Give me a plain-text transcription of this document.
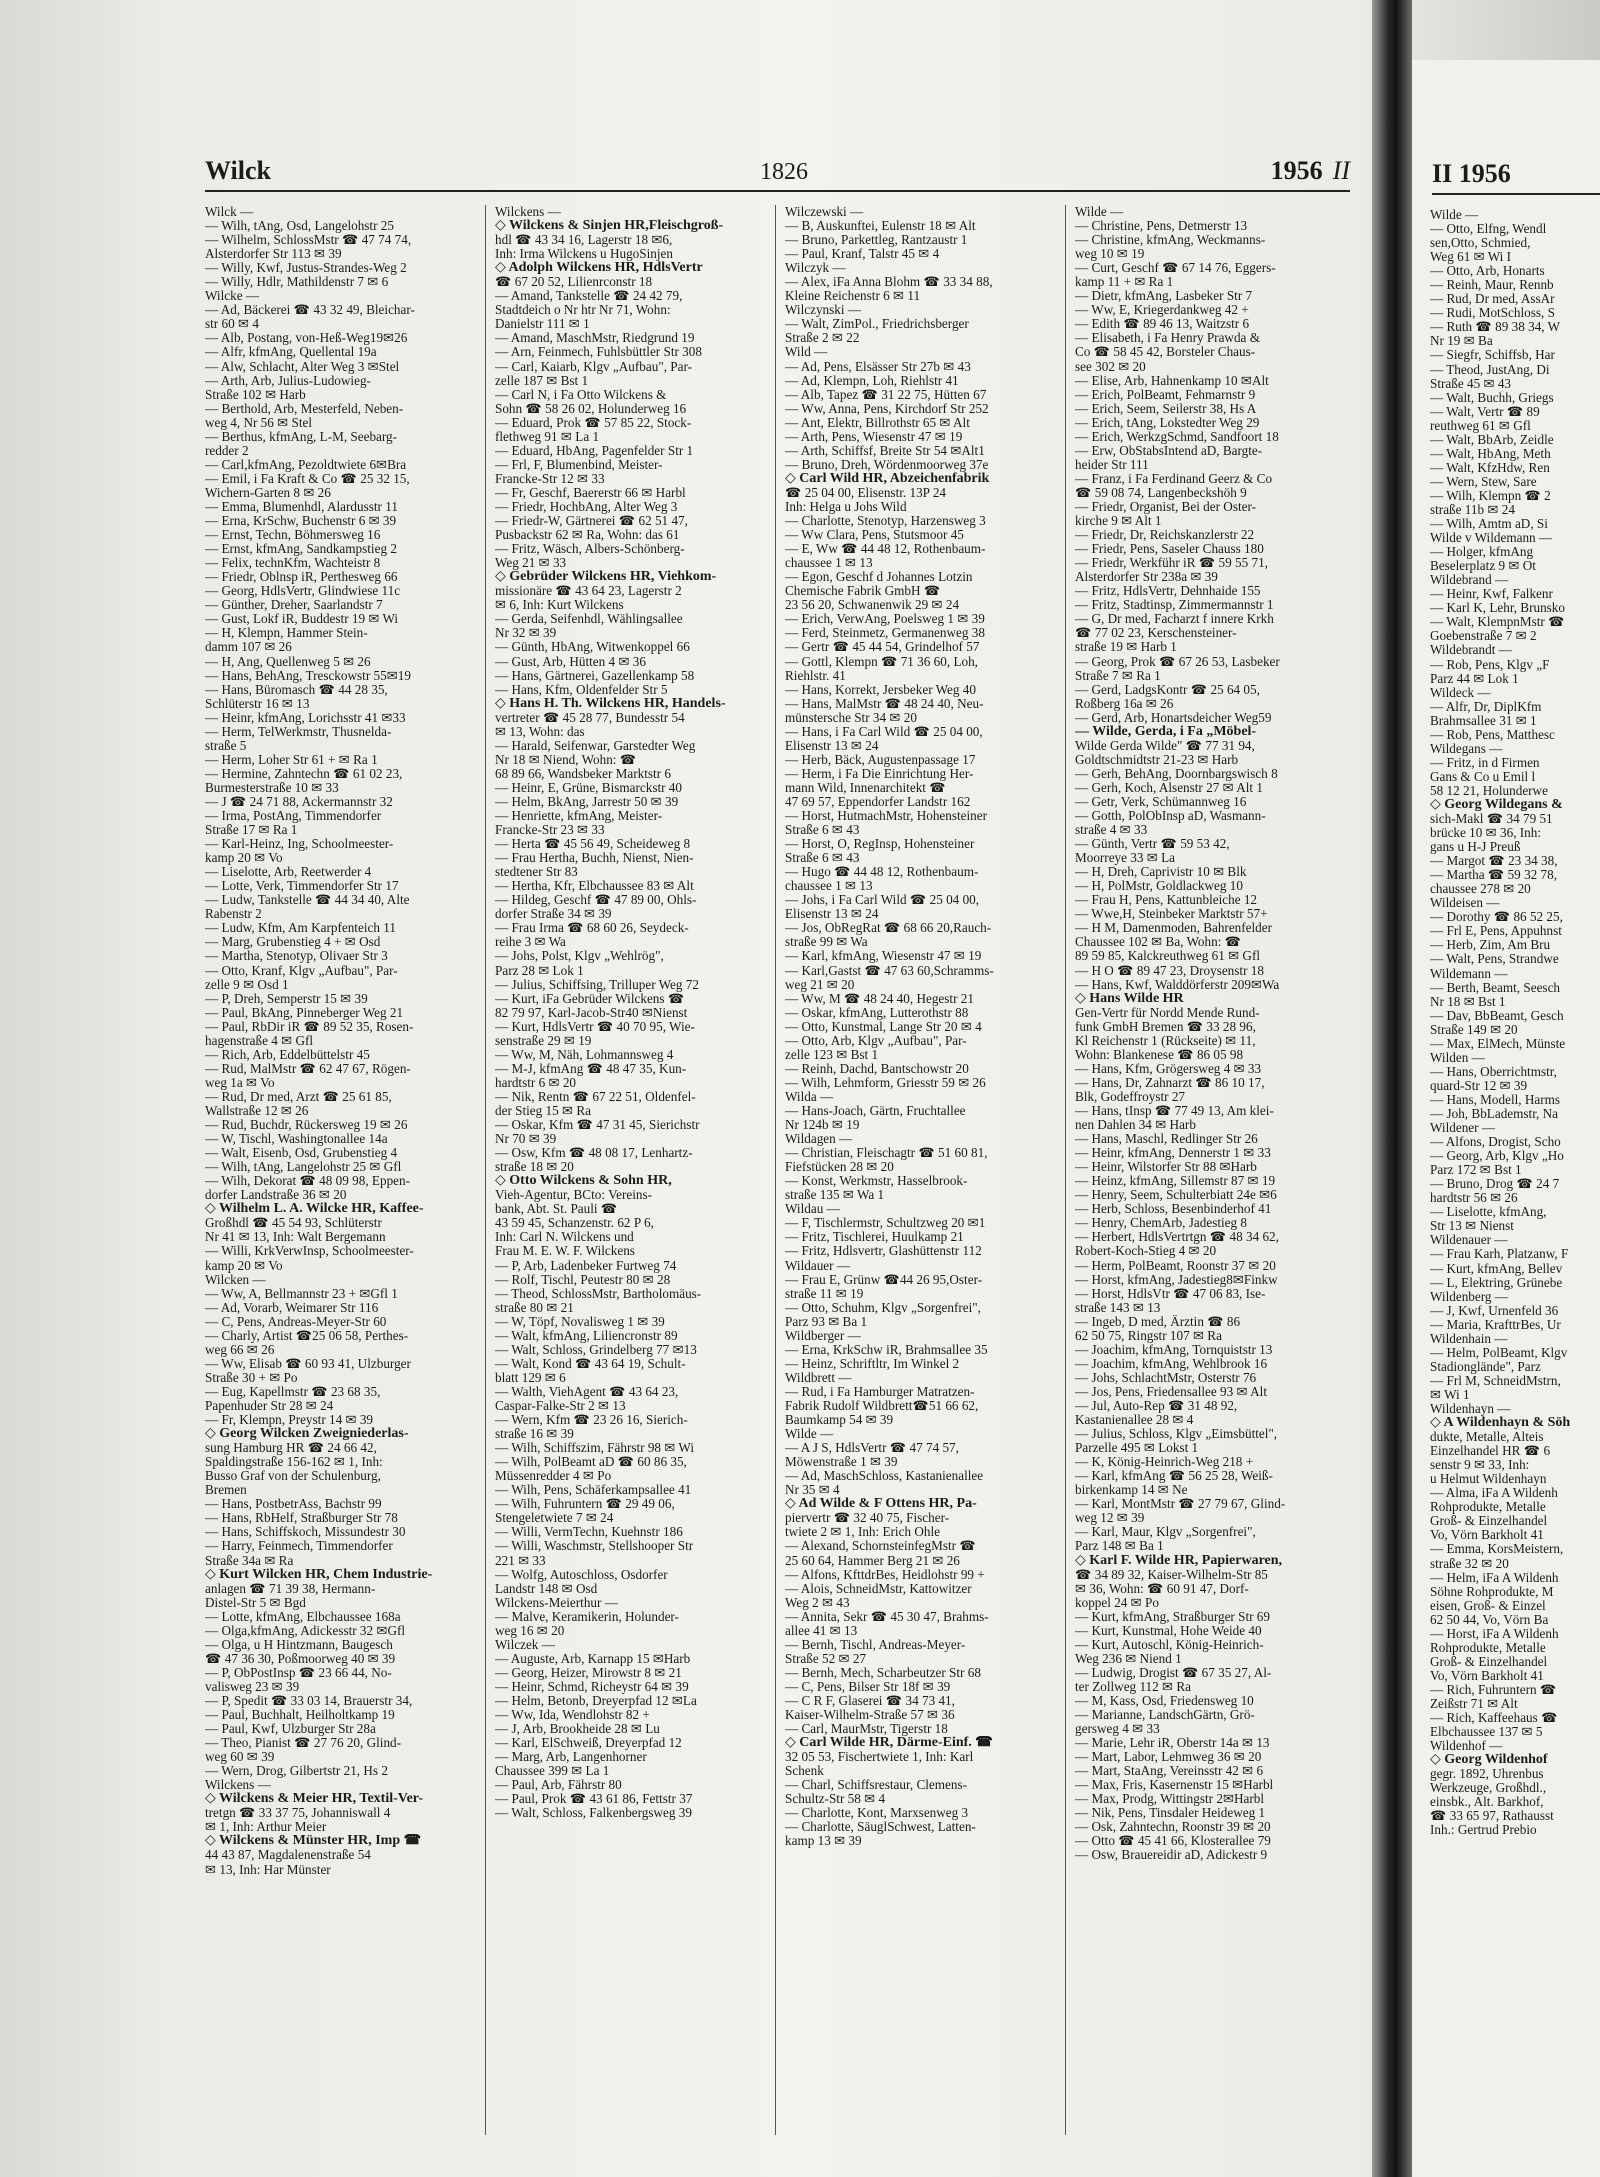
Wilck	1826	1956 II
Wilck —
— Wilh, tAng, Osd, Langelohstr 25
— Wilhelm, SchlossMstr ☎ 47 74 74,
Alsterdorfer Str 113 ✉ 39
— Willy, Kwf, Justus-Strandes-Weg 2
— Willy, Hdlr, Mathildenstr 7 ✉ 6
Wilcke —
— Ad, Bäckerei ☎ 43 32 49, Bleichar-
str 60 ✉ 4
— Alb, Postang, von-Heß-Weg19✉26
— Alfr, kfmAng, Quellental 19a
— Alw, Schlacht, Alter Weg 3 ✉Stel
— Arth, Arb, Julius-Ludowieg-
Straße 102 ✉ Harb
— Berthold, Arb, Mesterfeld, Neben-
weg 4, Nr 56 ✉ Stel
— Berthus, kfmAng, L-M, Seebarg-
redder 2
— Carl,kfmAng, Pezoldtwiete 6✉Bra
— Emil, i Fa Kraft & Co ☎ 25 32 15,
Wichern-Garten 8 ✉ 26
— Emma, Blumenhdl, Alardusstr 11
— Erna, KrSchw, Buchenstr 6 ✉ 39
— Ernst, Techn, Böhmersweg 16
— Ernst, kfmAng, Sandkampstieg 2
— Felix, technKfm, Wachteistr 8
— Friedr, Oblnsp iR, Perthesweg 66
— Georg, HdlsVertr, Glindwiese 11c
— Günther, Dreher, Saarlandstr 7
— Gust, Lokf iR, Buddestr 19 ✉ Wi
— H, Klempn, Hammer Stein-
damm 107 ✉ 26
— H, Ang, Quellenweg 5 ✉ 26
— Hans, BehAng, Tresckowstr 55✉19
— Hans, Büromasch ☎ 44 28 35,
Schlüterstr 16 ✉ 13
— Heinr, kfmAng, Lorichsstr 41 ✉33
— Herm, TelWerkmstr, Thusnelda-
straße 5
— Herm, Loher Str 61 + ✉ Ra 1
— Hermine, Zahntechn ☎ 61 02 23,
Burmesterstraße 10 ✉ 33
— J ☎ 24 71 88, Ackermannstr 32
— Irma, PostAng, Timmendorfer
Straße 17 ✉ Ra 1
— Karl-Heinz, Ing, Schoolmeester-
kamp 20 ✉ Vo
— Liselotte, Arb, Reetwerder 4
— Lotte, Verk, Timmendorfer Str 17
— Ludw, Tankstelle ☎ 44 34 40, Alte
Rabenstr 2
— Ludw, Kfm, Am Karpfenteich 11
— Marg, Grubenstieg 4 + ✉ Osd
— Martha, Stenotyp, Olivaer Str 3
— Otto, Kranf, Klgv „Aufbau", Par-
zelle 9 ✉ Osd 1
— P, Dreh, Semperstr 15 ✉ 39
— Paul, BkAng, Pinneberger Weg 21
— Paul, RbDir iR ☎ 89 52 35, Rosen-
hagenstraße 4 ✉ Gfl
— Rich, Arb, Eddelbüttelstr 45
— Rud, MalMstr ☎ 62 47 67, Rögen-
weg 1a ✉ Vo
— Rud, Dr med, Arzt ☎ 25 61 85,
Wallstraße 12 ✉ 26
— Rud, Buchdr, Rückersweg 19 ✉ 26
— W, Tischl, Washingtonallee 14a
— Walt, Eisenb, Osd, Grubenstieg 4
— Wilh, tAng, Langelohstr 25 ✉ Gfl
— Wilh, Dekorat ☎ 48 09 98, Eppen-
dorfer Landstraße 36 ✉ 20
◇ Wilhelm L. A. Wilcke HR, Kaffee-
Großhdl ☎ 45 54 93, Schlüterstr
Nr 41 ✉ 13, Inh: Walt Bergemann
— Willi, KrkVerwInsp, Schoolmeester-
kamp 20 ✉ Vo
Wilcken —
— Ww, A, Bellmannstr 23 + ✉Gfl 1
— Ad, Vorarb, Weimarer Str 116
— C, Pens, Andreas-Meyer-Str 60
— Charly, Artist ☎25 06 58, Perthes-
weg 66 ✉ 26
— Ww, Elisab ☎ 60 93 41, Ulzburger
Straße 30 + ✉ Po
— Eug, Kapellmstr ☎ 23 68 35,
Papenhuder Str 28 ✉ 24
— Fr, Klempn, Preystr 14 ✉ 39
◇ Georg Wilcken Zweigniederlas-
sung Hamburg HR ☎ 24 66 42,
Spaldingstraße 156-162 ✉ 1, Inh:
Busso Graf von der Schulenburg,
Bremen
— Hans, PostbetrAss, Bachstr 99
— Hans, RbHelf, Straßburger Str 78
— Hans, Schiffskoch, Missundestr 30
— Harry, Feinmech, Timmendorfer
Straße 34a ✉ Ra
◇ Kurt Wilcken HR, Chem Industrie-
anlagen ☎ 71 39 38, Hermann-
Distel-Str 5 ✉ Bgd
— Lotte, kfmAng, Elbchaussee 168a
— Olga,kfmAng, Adickesstr 32 ✉Gfl
— Olga, u H Hintzmann, Baugesch
☎ 47 36 30, Poßmoorweg 40 ✉ 39
— P, ObPostInsp ☎ 23 66 44, No-
valisweg 23 ✉ 39
— P, Spedit ☎ 33 03 14, Brauerstr 34,
— Paul, Buchhalt, Heilholtkamp 19
— Paul, Kwf, Ulzburger Str 28a
— Theo, Pianist ☎ 27 76 20, Glind-
weg 60 ✉ 39
— Wern, Drog, Gilbertstr 21, Hs 2
Wilckens —
◇ Wilckens & Meier HR, Textil-Ver-
tretgn ☎ 33 37 75, Johanniswall 4
✉ 1, Inh: Arthur Meier
◇ Wilckens & Münster HR, Imp ☎
44 43 87, Magdalenenstraße 54
✉ 13, Inh: Har Münster
Wilckens —
◇ Wilckens & Sinjen HR,Fleischgroß-
hdl ☎ 43 34 16, Lagerstr 18 ✉6,
Inh: Irma Wilckens u HugoSinjen
◇ Adolph Wilckens HR, HdlsVertr
☎ 67 20 52, Lilienrconstr 18
— Amand, Tankstelle ☎ 24 42 79,
Stadtdeich o Nr htr Nr 71, Wohn:
Danielstr 111 ✉ 1
— Amand, MaschMstr, Riedgrund 19
— Arn, Feinmech, Fuhlsbüttler Str 308
— Carl, Kaiarb, Klgv „Aufbau", Par-
zelle 187 ✉ Bst 1
— Carl N, i Fa Otto Wilckens &
Sohn ☎ 58 26 02, Holunderweg 16
— Eduard, Prok ☎ 57 85 22, Stock-
flethweg 91 ✉ La 1
— Eduard, HbAng, Pagenfelder Str 1
— Frl, F, Blumenbind, Meister-
Francke-Str 12 ✉ 33
— Fr, Geschf, Baererstr 66 ✉ Harbl
— Friedr, HochbAng, Alter Weg 3
— Friedr-W, Gärtnerei ☎ 62 51 47,
Pusbackstr 62 ✉ Ra, Wohn: das 61
— Fritz, Wäsch, Albers-Schönberg-
Weg 21 ✉ 33
◇ Gebrüder Wilckens HR, Viehkom-
missionäre ☎ 43 64 23, Lagerstr 2
✉ 6, Inh: Kurt Wilckens
— Gerda, Seifenhdl, Wählingsallee
Nr 32 ✉ 39
— Günth, HbAng, Witwenkoppel 66
— Gust, Arb, Hütten 4 ✉ 36
— Hans, Gärtnerei, Gazellenkamp 58
— Hans, Kfm, Oldenfelder Str 5
◇ Hans H. Th. Wilckens HR, Handels-
vertreter ☎ 45 28 77, Bundesstr 54
✉ 13, Wohn: das
— Harald, Seifenwar, Garstedter Weg
Nr 18 ✉ Niend, Wohn: ☎
68 89 66, Wandsbeker Marktstr 6
— Heinr, E, Grüne, Bismarckstr 40
— Helm, BkAng, Jarrestr 50 ✉ 39
— Henriette, kfmAng, Meister-
Francke-Str 23 ✉ 33
— Herta ☎ 45 56 49, Scheideweg 8
— Frau Hertha, Buchh, Nienst, Nien-
stedtener Str 83
— Hertha, Kfr, Elbchaussee 83 ✉ Alt
— Hildeg, Geschf ☎ 47 89 00, Ohls-
dorfer Straße 34 ✉ 39
— Frau Irma ☎ 68 60 26, Seydeck-
reihe 3 ✉ Wa
— Johs, Polst, Klgv „Wehlrög",
Parz 28 ✉ Lok 1
— Julius, Schiffsing, Trilluper Weg 72
— Kurt, iFa Gebrüder Wilckens ☎
82 79 97, Karl-Jacob-Str40 ✉Nienst
— Kurt, HdlsVertr ☎ 40 70 95, Wie-
senstraße 29 ✉ 19
— Ww, M, Näh, Lohmannsweg 4
— M-J, kfmAng ☎ 48 47 35, Kun-
hardtstr 6 ✉ 20
— Nik, Rentn ☎ 67 22 51, Oldenfel-
der Stieg 15 ✉ Ra
— Oskar, Kfm ☎ 47 31 45, Sierichstr
Nr 70 ✉ 39
— Osw, Kfm ☎ 48 08 17, Lenhartz-
straße 18 ✉ 20
◇ Otto Wilckens & Sohn HR,
Vieh-Agentur, BCto: Vereins-
bank, Abt. St. Pauli ☎
43 59 45, Schanzenstr. 62 P 6,
Inh: Carl N. Wilckens und
Frau M. E. W. F. Wilckens
— P, Arb, Ladenbeker Furtweg 74
— Rolf, Tischl, Peutestr 80 ✉ 28
— Theod, SchlossMstr, Bartholomäus-
straße 80 ✉ 21
— W, Töpf, Novalisweg 1 ✉ 39
— Walt, kfmAng, Liliencronstr 89
— Walt, Schloss, Grindelberg 77 ✉13
— Walt, Kond ☎ 43 64 19, Schult-
blatt 129 ✉ 6
— Walth, ViehAgent ☎ 43 64 23,
Caspar-Falke-Str 2 ✉ 13
— Wern, Kfm ☎ 23 26 16, Sierich-
straße 16 ✉ 39
— Wilh, Schiffszim, Fährstr 98 ✉ Wi
— Wilh, PolBeamt aD ☎ 60 86 35,
Müssenredder 4 ✉ Po
— Wilh, Pens, Schäferkampsallee 41
— Wilh, Fuhruntern ☎ 29 49 06,
Stengeletwiete 7 ✉ 24
— Willi, VermTechn, Kuehnstr 186
— Willi, Waschmstr, Stellshooper Str
221 ✉ 33
— Wolfg, Autoschloss, Osdorfer
Landstr 148 ✉ Osd
Wilckens-Meierthur —
— Malve, Keramikerin, Holunder-
weg 16 ✉ 20
Wilczek —
— Auguste, Arb, Karnapp 15 ✉Harb
— Georg, Heizer, Mirowstr 8 ✉ 21
— Heinr, Schmd, Richeystr 64 ✉ 39
— Helm, Betonb, Dreyerpfad 12 ✉La
— Ww, Ida, Wendlohstr 82 +
— J, Arb, Brookheide 28 ✉ Lu
— Karl, ElSchweiß, Dreyerpfad 12
— Marg, Arb, Langenhorner
Chaussee 399 ✉ La 1
— Paul, Arb, Fährstr 80
— Paul, Prok ☎ 43 61 86, Fettstr 37
— Walt, Schloss, Falkenbergsweg 39
Wilczewski —
— B, Auskunftei, Eulenstr 18 ✉ Alt
— Bruno, Parkettleg, Rantzaustr 1
— Paul, Kranf, Talstr 45 ✉ 4
Wilczyk —
— Alex, iFa Anna Blohm ☎ 33 34 88,
Kleine Reichenstr 6 ✉ 11
Wilczynski —
— Walt, ZimPol., Friedrichsberger
Straße 2 ✉ 22
Wild —
— Ad, Pens, Elsässer Str 27b ✉ 43
— Ad, Klempn, Loh, Riehlstr 41
— Alb, Tapez ☎ 31 22 75, Hütten 67
— Ww, Anna, Pens, Kirchdorf Str 252
— Ant, Elektr, Billrothstr 65 ✉ Alt
— Arth, Pens, Wiesenstr 47 ✉ 19
— Arth, Schiffsf, Breite Str 54 ✉Alt1
— Bruno, Dreh, Wördenmoorweg 37e
◇ Carl Wild HR, Abzeichenfabrik
☎ 25 04 00, Elisenstr. 13P 24
Inh: Helga u Johs Wild
— Charlotte, Stenotyp, Harzensweg 3
— Ww Clara, Pens, Stutsmoor 45
— E, Ww ☎ 44 48 12, Rothenbaum-
chaussee 1 ✉ 13
— Egon, Geschf d Johannes Lotzin
Chemische Fabrik GmbH ☎
23 56 20, Schwanenwik 29 ✉ 24
— Erich, VerwAng, Poelsweg 1 ✉ 39
— Ferd, Steinmetz, Germanenweg 38
— Gertr ☎ 45 44 54, Grindelhof 57
— Gottl, Klempn ☎ 71 36 60, Loh,
Riehlstr. 41
— Hans, Korrekt, Jersbeker Weg 40
— Hans, MalMstr ☎ 48 24 40, Neu-
münstersche Str 34 ✉ 20
— Hans, i Fa Carl Wild ☎ 25 04 00,
Elisenstr 13 ✉ 24
— Herb, Bäck, Augustenpassage 17
— Herm, i Fa Die Einrichtung Her-
mann Wild, Innenarchitekt ☎
47 69 57, Eppendorfer Landstr 162
— Horst, HutmachMstr, Hohensteiner
Straße 6 ✉ 43
— Horst, O, RegInsp, Hohensteiner
Straße 6 ✉ 43
— Hugo ☎ 44 48 12, Rothenbaum-
chaussee 1 ✉ 13
— Johs, i Fa Carl Wild ☎ 25 04 00,
Elisenstr 13 ✉ 24
— Jos, ObRegRat ☎ 68 66 20,Rauch-
straße 99 ✉ Wa
— Karl, kfmAng, Wiesenstr 47 ✉ 19
— Karl,Gastst ☎ 47 63 60,Schramms-
weg 21 ✉ 20
— Ww, M ☎ 48 24 40, Hegestr 21
— Oskar, kfmAng, Lutterothstr 88
— Otto, Kunstmal, Lange Str 20 ✉ 4
— Otto, Arb, Klgv „Aufbau", Par-
zelle 123 ✉ Bst 1
— Reinh, Dachd, Bantschowstr 20
— Wilh, Lehmform, Griesstr 59 ✉ 26
Wilda —
— Hans-Joach, Gärtn, Fruchtallee
Nr 124b ✉ 19
Wildagen —
— Christian, Fleischagtr ☎ 51 60 81,
Fiefstücken 28 ✉ 20
— Konst, Werkmstr, Hasselbrook-
straße 135 ✉ Wa 1
Wildau —
— F, Tischlermstr, Schultzweg 20 ✉1
— Fritz, Tischlerei, Huulkamp 21
— Fritz, Hdlsvertr, Glashüttenstr 112
Wildauer —
— Frau E, Grünw ☎44 26 95,Oster-
straße 11 ✉ 19
— Otto, Schuhm, Klgv „Sorgenfrei",
Parz 93 ✉ Ba 1
Wildberger —
— Erna, KrkSchw iR, Brahmsallee 35
— Heinz, Schriftltr, Im Winkel 2
Wildbrett —
— Rud, i Fa Hamburger Matratzen-
Fabrik Rudolf Wildbrett☎51 66 62,
Baumkamp 54 ✉ 39
Wilde —
— A J S, HdlsVertr ☎ 47 74 57,
Möwenstraße 1 ✉ 39
— Ad, MaschSchloss, Kastanienallee
Nr 35 ✉ 4
◇ Ad Wilde & F Ottens HR, Pa-
piervertr ☎ 32 40 75, Fischer-
twiete 2 ✉ 1, Inh: Erich Ohle
— Alexand, SchornsteinfegMstr ☎
25 60 64, Hammer Berg 21 ✉ 26
— Alfons, KfttdrBes, Heidlohstr 99 +
— Alois, SchneidMstr, Kattowitzer
Weg 2 ✉ 43
— Annita, Sekr ☎ 45 30 47, Brahms-
allee 41 ✉ 13
— Bernh, Tischl, Andreas-Meyer-
Straße 52 ✉ 27
— Bernh, Mech, Scharbeutzer Str 68
— C, Pens, Bilser Str 18f ✉ 39
— C R F, Glaserei ☎ 34 73 41,
Kaiser-Wilhelm-Straße 57 ✉ 36
— Carl, MaurMstr, Tigerstr 18
◇ Carl Wilde HR, Därme-Einf. ☎
32 05 53, Fischertwiete 1, Inh: Karl
Schenk
— Charl, Schiffsrestaur, Clemens-
Schultz-Str 58 ✉ 4
— Charlotte, Kont, Marxsenweg 3
— Charlotte, SäuglSchwest, Latten-
kamp 13 ✉ 39
Wilde —
— Christine, Pens, Detmerstr 13
— Christine, kfmAng, Weckmanns-
weg 10 ✉ 19
— Curt, Geschf ☎ 67 14 76, Eggers-
kamp 11 + ✉ Ra 1
— Dietr, kfmAng, Lasbeker Str 7
— Ww, E, Kriegerdankweg 42 +
— Edith ☎ 89 46 13, Waitzstr 6
— Elisabeth, i Fa Henry Prawda &
Co ☎ 58 45 42, Borsteler Chaus-
see 302 ✉ 20
— Elise, Arb, Hahnenkamp 10 ✉Alt
— Erich, PolBeamt, Fehmarnstr 9
— Erich, Seem, Seilerstr 38, Hs A
— Erich, tAng, Lokstedter Weg 29
— Erich, WerkzgSchmd, Sandfoort 18
— Erw, ObStabsIntend aD, Bargte-
heider Str 111
— Franz, i Fa Ferdinand Geerz & Co
☎ 59 08 74, Langenbeckshöh 9
— Friedr, Organist, Bei der Oster-
kirche 9 ✉ Alt 1
— Friedr, Dr, Reichskanzlerstr 22
— Friedr, Pens, Saseler Chauss 180
— Friedr, Werkführ iR ☎ 59 55 71,
Alsterdorfer Str 238a ✉ 39
— Fritz, HdlsVertr, Dehnhaide 155
— Fritz, Stadtinsp, Zimmermannstr 1
— G, Dr med, Facharzt f innere Krkh
☎ 77 02 23, Kerschensteiner-
straße 19 ✉ Harb 1
— Georg, Prok ☎ 67 26 53, Lasbeker
Straße 7 ✉ Ra 1
— Gerd, LadgsKontr ☎ 25 64 05,
Roßberg 16a ✉ 26
— Gerd, Arb, Honartsdeicher Weg59
— Wilde, Gerda, i Fa „Möbel-
Wilde Gerda Wilde" ☎ 77 31 94,
Goldtschmidtstr 21-23 ✉ Harb
— Gerh, BehAng, Doornbargswisch 8
— Gerh, Koch, Alsenstr 27 ✉ Alt 1
— Getr, Verk, Schümannweg 16
— Gotth, PolObInsp aD, Wasmann-
straße 4 ✉ 33
— Günth, Vertr ☎ 59 53 42,
Moorreye 33 ✉ La
— H, Dreh, Caprivistr 10 ✉ Blk
— H, PolMstr, Goldlackweg 10
— Frau H, Pens, Kattunbleiche 12
— Wwe,H, Steinbeker Marktstr 57+
— H M, Damenmoden, Bahrenfelder
Chaussee 102 ✉ Ba, Wohn: ☎
89 59 85, Kalckreuthweg 61 ✉ Gfl
— H O ☎ 89 47 23, Droysenstr 18
— Hans, Kwf, Walddörferstr 209✉Wa
◇ Hans Wilde HR
Gen-Vertr für Nordd Mende Rund-
funk GmbH Bremen ☎ 33 28 96,
Kl Reichenstr 1 (Rückseite) ✉ 11,
Wohn: Blankenese ☎ 86 05 98
— Hans, Kfm, Grögersweg 4 ✉ 33
— Hans, Dr, Zahnarzt ☎ 86 10 17,
Blk, Godeffroystr 27
— Hans, tInsp ☎ 77 49 13, Am klei-
nen Dahlen 34 ✉ Harb
— Hans, Maschl, Redlinger Str 26
— Heinr, kfmAng, Dennerstr 1 ✉ 33
— Heinr, Wilstorfer Str 88 ✉Harb
— Heinz, kfmAng, Sillemstr 87 ✉ 19
— Henry, Seem, Schulterbiatt 24e ✉6
— Herb, Schloss, Besenbinderhof 41
— Henry, ChemArb, Jadestieg 8
— Herbert, HdlsVertrtgn ☎ 48 34 62,
Robert-Koch-Stieg 4 ✉ 20
— Herm, PolBeamt, Roonstr 37 ✉ 20
— Horst, kfmAng, Jadestieg8✉Finkw
— Horst, HdlsVtr ☎ 47 06 83, Ise-
straße 143 ✉ 13
— Ingeb, D med, Ärztin ☎ 86
62 50 75, Ringstr 107 ✉ Ra
— Joachim, kfmAng, Tornquiststr 13
— Joachim, kfmAng, Wehlbrook 16
— Johs, SchlachtMstr, Osterstr 76
— Jos, Pens, Friedensallee 93 ✉ Alt
— Jul, Auto-Rep ☎ 31 48 92,
Kastanienallee 28 ✉ 4
— Julius, Schloss, Klgv „Eimsbüttel",
Parzelle 495 ✉ Lokst 1
— K, König-Heinrich-Weg 218 +
— Karl, kfmAng ☎ 56 25 28, Weiß-
birkenkamp 14 ✉ Ne
— Karl, MontMstr ☎ 27 79 67, Glind-
weg 12 ✉ 39
— Karl, Maur, Klgv „Sorgenfrei",
Parz 148 ✉ Ba 1
◇ Karl F. Wilde HR, Papierwaren,
☎ 34 89 32, Kaiser-Wilhelm-Str 85
✉ 36, Wohn: ☎ 60 91 47, Dorf-
koppel 24 ✉ Po
— Kurt, kfmAng, Straßburger Str 69
— Kurt, Kunstmal, Hohe Weide 40
— Kurt, Autoschl, König-Heinrich-
Weg 236 ✉ Niend 1
— Ludwig, Drogist ☎ 67 35 27, Al-
ter Zollweg 112 ✉ Ra
— M, Kass, Osd, Friedensweg 10
— Marianne, LandschGärtn, Grö-
gersweg 4 ✉ 33
— Marie, Lehr iR, Oberstr 14a ✉ 13
— Mart, Labor, Lehmweg 36 ✉ 20
— Mart, StaAng, Vereinsstr 42 ✉ 6
— Max, Fris, Kasernenstr 15 ✉Harbl
— Max, Prodg, Wittingstr 2✉Harbl
— Nik, Pens, Tinsdaler Heideweg 1
— Osk, Zahntechn, Roonstr 39 ✉ 20
— Otto ☎ 45 41 66, Klosterallee 79
— Osw, Brauereidir aD, Adickestr 9
II 1956
Wilde —
— Otto, Elfng, Wendl
sen,Otto, Schmied,
Weg 61 ✉ Wi I
— Otto, Arb, Honarts
— Reinh, Maur, Rennb
— Rud, Dr med, AssAr
— Rudi, MotSchloss, S
— Ruth ☎ 89 38 34, W
Nr 19 ✉ Ba
— Siegfr, Schiffsb, Har
— Theod, JustAng, Di
Straße 45 ✉ 43
— Walt, Buchh, Griegs
— Walt, Vertr ☎ 89
reuthweg 61 ✉ Gfl
— Walt, BbArb, Zeidle
— Walt, HbAng, Meth
— Walt, KfzHdw, Ren
— Wern, Stew, Sare
— Wilh, Klempn ☎ 2
straße 11b ✉ 24
— Wilh, Amtm aD, Si
Wilde v Wildemann —
— Holger, kfmAng
Beselerplatz 9 ✉ Ot
Wildebrand —
— Heinr, Kwf, Falkenr
— Karl K, Lehr, Brunsko
— Walt, KlempnMstr ☎
Goebenstraße 7 ✉ 2
Wildebrandt —
— Rob, Pens, Klgv „F
Parz 44 ✉ Lok 1
Wildeck —
— Alfr, Dr, DiplKfm
Brahmsallee 31 ✉ 1
— Rob, Pens, Matthesc
Wildegans —
— Fritz, in d Firmen
Gans & Co u Emil l
58 12 21, Holunderwe
◇ Georg Wildegans &
sich-Makl ☎ 34 79 51
brücke 10 ✉ 36, Inh:
gans u H-J Preuß
— Margot ☎ 23 34 38,
— Martha ☎ 59 32 78,
chaussee 278 ✉ 20
Wildeisen —
— Dorothy ☎ 86 52 25,
— Frl E, Pens, Appuhnst
— Herb, Zim, Am Bru
— Walt, Pens, Strandwe
Wildemann —
— Berth, Beamt, Seesch
Nr 18 ✉ Bst 1
— Dav, BbBeamt, Gesch
Straße 149 ✉ 20
— Max, ElMech, Münste
Wilden —
— Hans, Oberrichtmstr,
quard-Str 12 ✉ 39
— Hans, Modell, Harms
— Joh, BbLademstr, Na
Wildener —
— Alfons, Drogist, Scho
— Georg, Arb, Klgv „Ho
Parz 172 ✉ Bst 1
— Bruno, Drog ☎ 24 7
hardtstr 56 ✉ 26
— Liselotte, kfmAng,
Str 13 ✉ Nienst
Wildenauer —
— Frau Karh, Platzanw, F
— Kurt, kfmAng, Bellev
— L, Elektring, Grünebe
Wildenberg —
— J, Kwf, Urnenfeld 36
— Maria, KrafttrBes, Ur
Wildenhain —
— Helm, PolBeamt, Klgv
Stadionglände", Parz
— Frl M, SchneidMstrn,
✉ Wi 1
Wildenhayn —
◇ A Wildenhayn & Söh
dukte, Metalle, Alteis
Einzelhandel HR ☎ 6
senstr 9 ✉ 33, Inh:
u Helmut Wildenhayn
— Alma, iFa A Wildenh
Rohprodukte, Metalle
Groß- & Einzelhandel
Vo, Vörn Barkholt 41
— Emma, KorsMeistern,
straße 32 ✉ 20
— Helm, iFa A Wildenh
Söhne Rohprodukte, M
eisen, Groß- & Einzel
62 50 44, Vo, Vörn Ba
— Horst, iFa A Wildenh
Rohprodukte, Metalle
Groß- & Einzelhandel
Vo, Vörn Barkholt 41
— Rich, Fuhruntern ☎
Zeißstr 71 ✉ Alt
— Rich, Kaffeehaus ☎
Elbchaussee 137 ✉ 5
Wildenhof —
◇ Georg Wildenhof
gegr. 1892, Uhrenbus
Werkzeuge, Großhdl.,
einsbk., Alt. Barkhof,
☎ 33 65 97, Rathausst
Inh.: Gertrud Prebio
